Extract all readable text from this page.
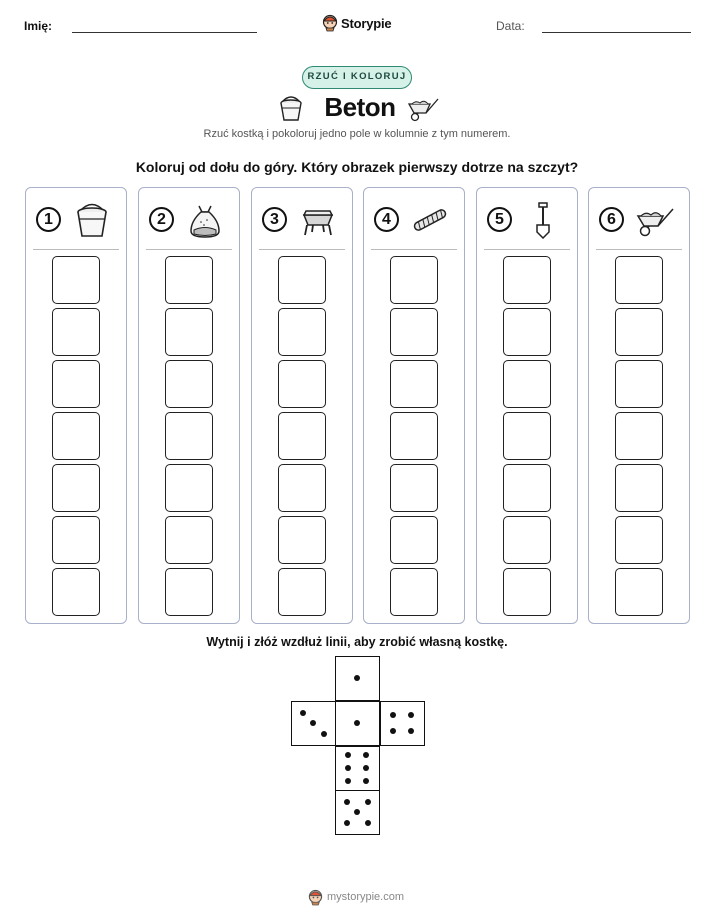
Imię:	Storypie	Data:
RZUĆ I KOLORUJ
Beton
Rzuć kostką i pokoloruj jedno pole w kolumnie z tym numerem.
Koloruj od dołu do góry. Który obrazek pierwszy dotrze na szczyt?
1	2	3	4	5	6
Wytnij i złóż wzdłuż linii, aby zrobić własną kostkę.
mystorypie.com
